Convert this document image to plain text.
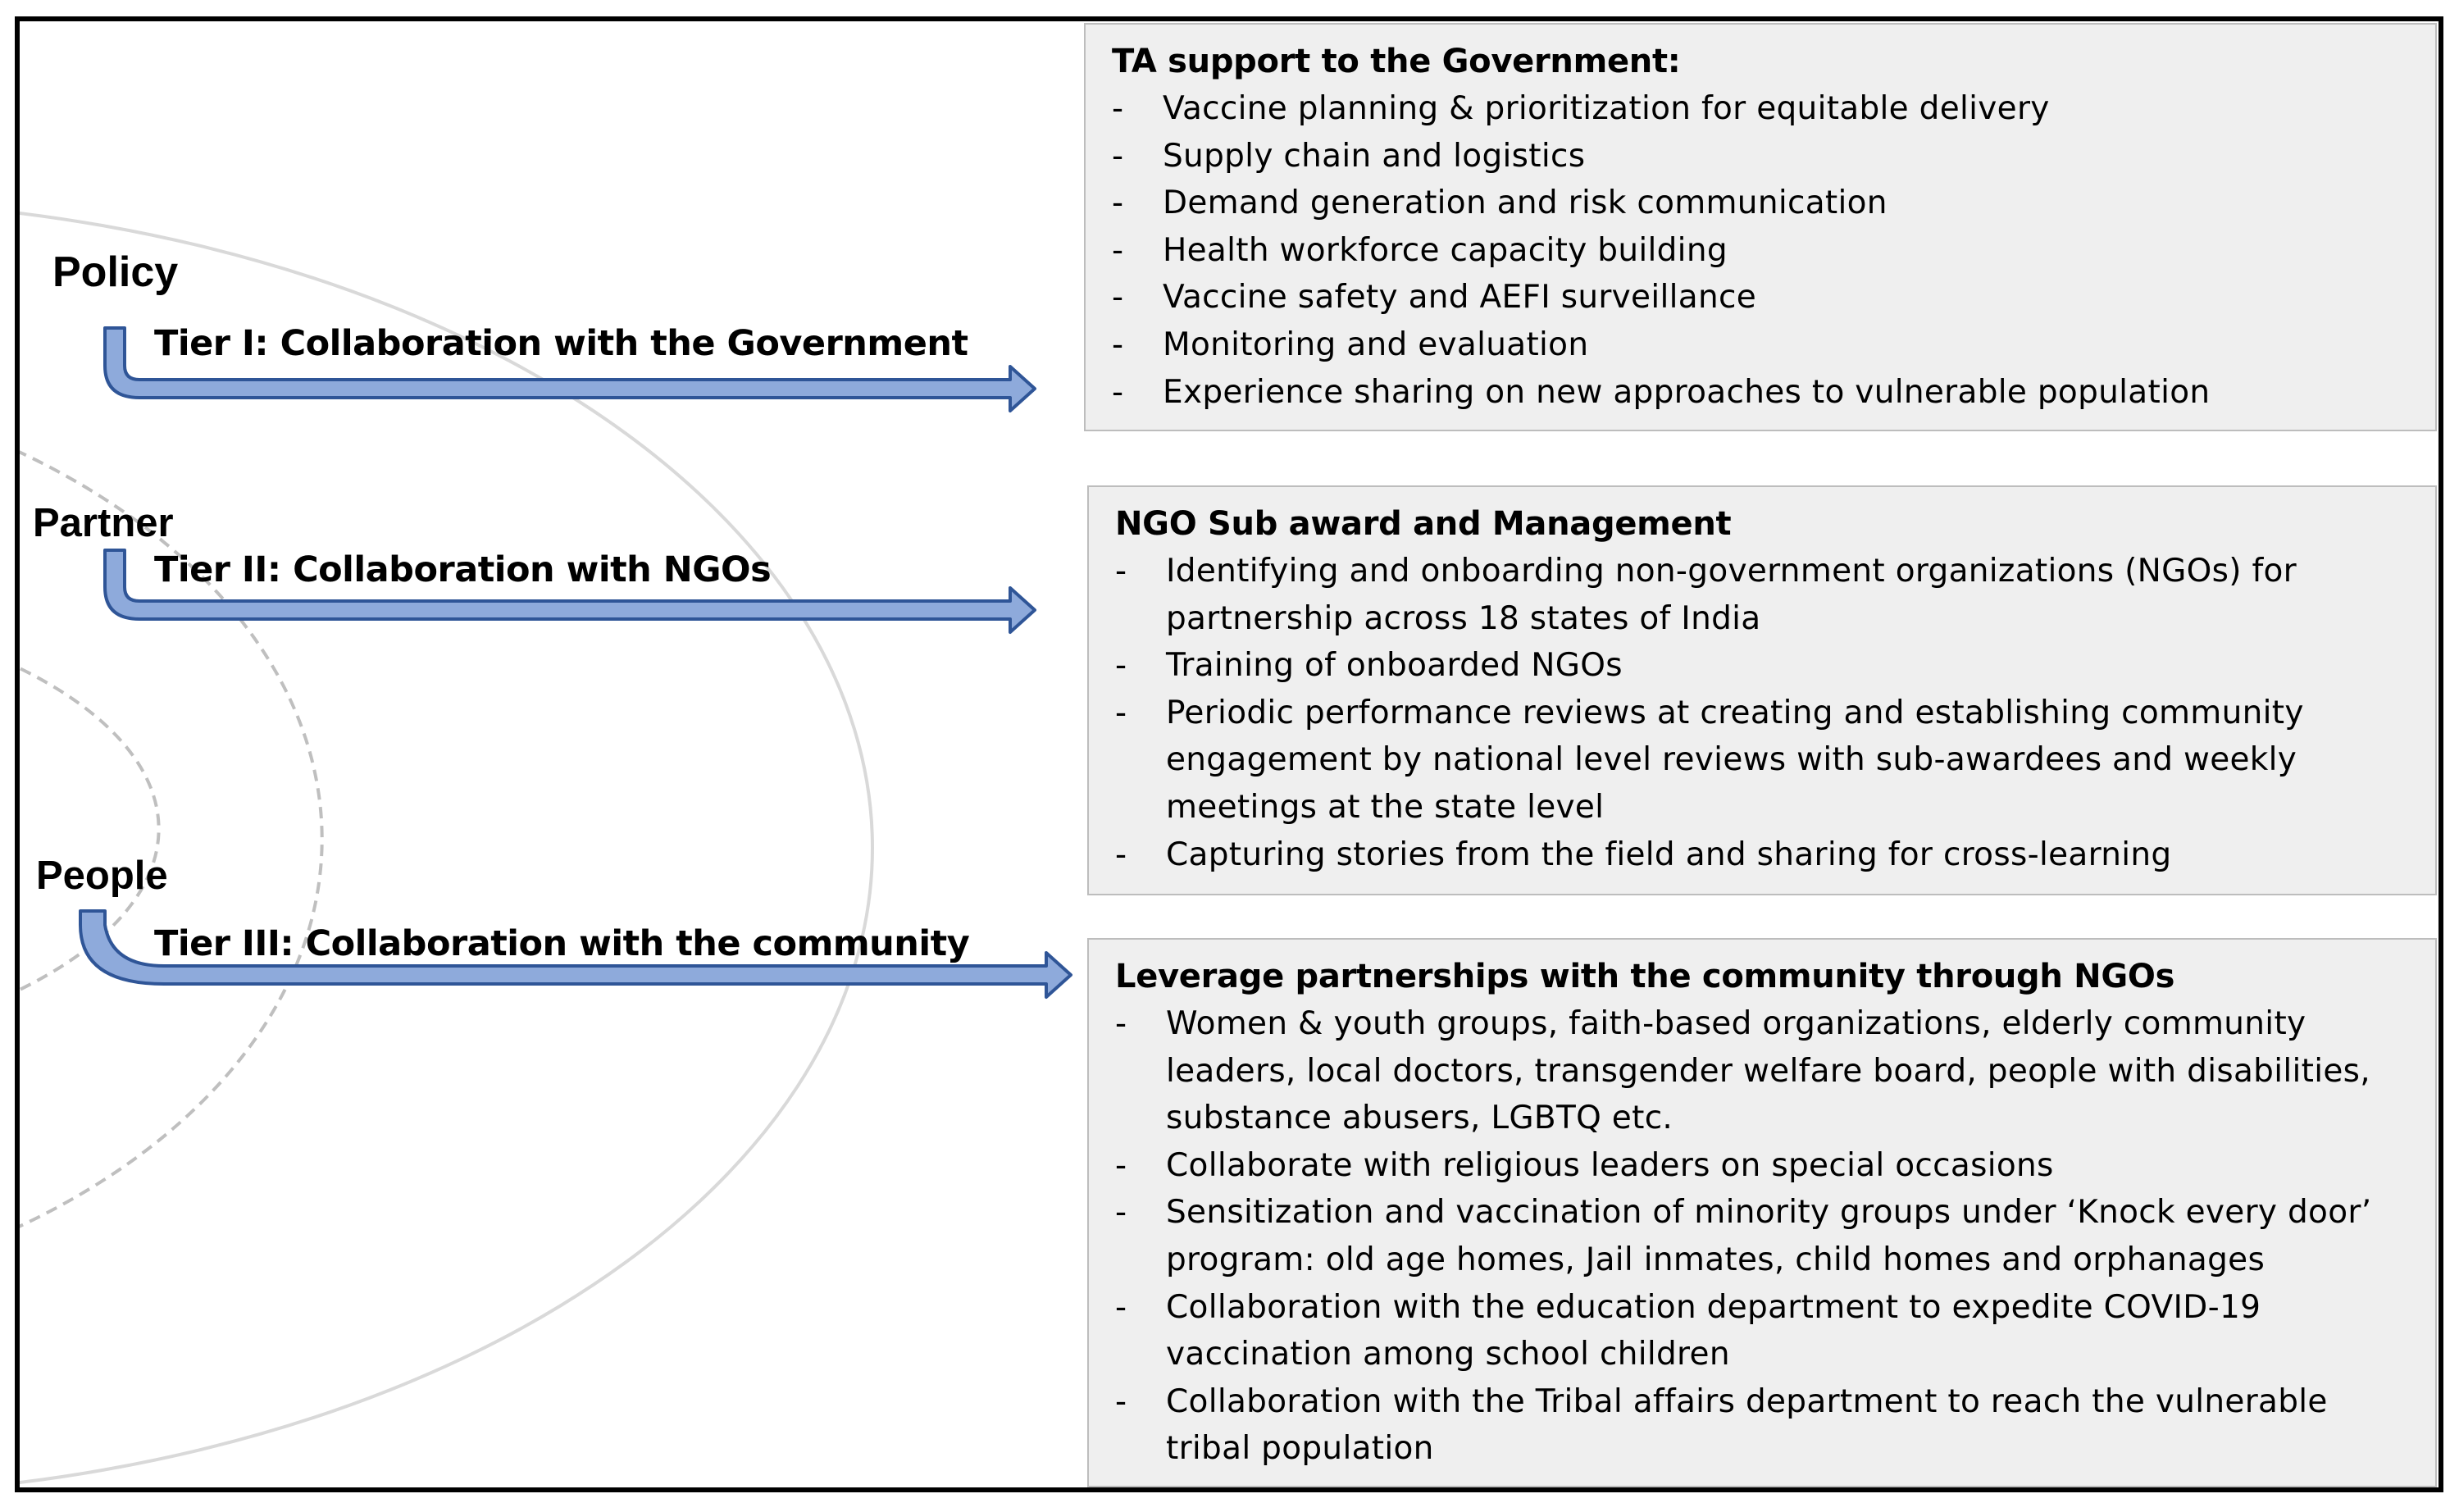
Policy
Partner
People
Tier I: Collaboration with the Government
Tier II: Collaboration with NGOs
Tier III: Collaboration with the community
TA support to the Government:
- Vaccine planning & prioritization for equitable delivery
- Supply chain and logistics
- Demand generation and risk communication
- Health workforce capacity building
- Vaccine safety and AEFI surveillance
- Monitoring and evaluation
- Experience sharing on new approaches to vulnerable population
NGO Sub award and Management
- Identifying and onboarding non-government organizations (NGOs) for partnership across 18 states of India
- Training of onboarded NGOs
- Periodic performance reviews at creating and establishing community engagement by national level reviews with sub-awardees and weekly meetings at the state level
- Capturing stories from the field and sharing for cross-learning
Leverage partnerships with the community through NGOs
- Women & youth groups, faith-based organizations, elderly community leaders, local doctors, transgender welfare board, people with disabilities, substance abusers, LGBTQ etc.
- Collaborate with religious leaders on special occasions
- Sensitization and vaccination of minority groups under ‘Knock every door’ program: old age homes, Jail inmates, child homes and orphanages
- Collaboration with the education department to expedite COVID-19 vaccination among school children
- Collaboration with the Tribal affairs department to reach the vulnerable tribal population
